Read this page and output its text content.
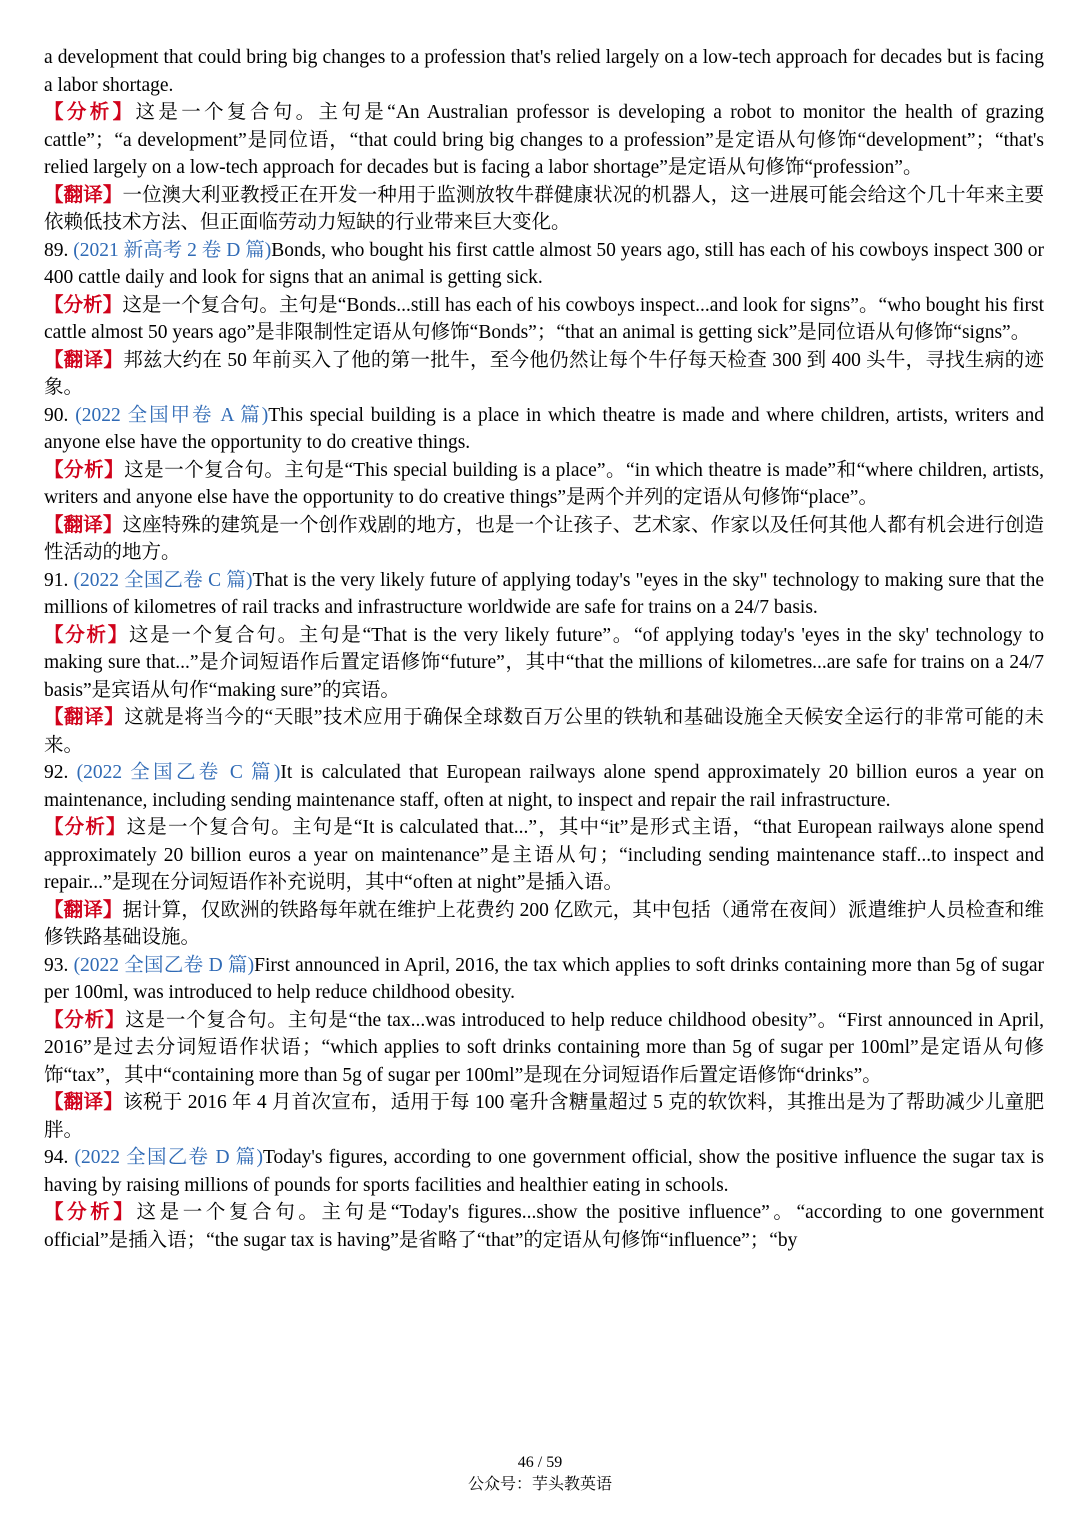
a development that could bring big changes to a profession that's relied largely on a low-tech approach for decades but is facing a labor shortage.

【分析】这是一个复合句。主句是“An Australian professor is developing a robot to monitor the health of grazing cattle”；“a development”是同位语，“that could bring big changes to a profession”是定语从句修饰“development”；“that's relied largely on a low-tech approach for decades but is facing a labor shortage”是定语从句修饰“profession”。

【翻译】一位澳大利亚教授正在开发一种用于监测放牧牛群健康状况的机器人，这一进展可能会给这个几十年来主要依赖低技术方法、但正面临劳动力短缺的行业带来巨大变化。

89. (2021 新高考 2 卷 D 篇)Bonds, who bought his first cattle almost 50 years ago, still has each of his cowboys inspect 300 or 400 cattle daily and look for signs that an animal is getting sick.

【分析】这是一个复合句。主句是“Bonds...still has each of his cowboys inspect...and look for signs”。“who bought his first cattle almost 50 years ago”是非限制性定语从句修饰“Bonds”；“that an animal is getting sick”是同位语从句修饰“signs”。

【翻译】邦兹大约在 50 年前买入了他的第一批牛，至今他仍然让每个牛仔每天检查 300 到 400 头牛，寻找生病的迹象。

90. (2022 全国甲卷 A 篇)This special building is a place in which theatre is made and where children, artists, writers and anyone else have the opportunity to do creative things.

【分析】这是一个复合句。主句是“This special building is a place”。“in which theatre is made”和“where children, artists, writers and anyone else have the opportunity to do creative things”是两个并列的定语从句修饰“place”。

【翻译】这座特殊的建筑是一个创作戏剧的地方，也是一个让孩子、艺术家、作家以及任何其他人都有机会进行创造性活动的地方。

91. (2022 全国乙卷 C 篇)That is the very likely future of applying today's "eyes in the sky" technology to making sure that the millions of kilometres of rail tracks and infrastructure worldwide are safe for trains on a 24/7 basis.

【分析】这是一个复合句。主句是“That is the very likely future”。“of applying today's 'eyes in the sky' technology to making sure that...”是介词短语作后置定语修饰“future”，其中“that the millions of kilometres...are safe for trains on a 24/7 basis”是宾语从句作“making sure”的宾语。

【翻译】这就是将当今的“天眼”技术应用于确保全球数百万公里的铁轨和基础设施全天候安全运行的非常可能的未来。

92. (2022 全国乙卷 C 篇)It is calculated that European railways alone spend approximately 20 billion euros a year on maintenance, including sending maintenance staff, often at night, to inspect and repair the rail infrastructure.

【分析】这是一个复合句。主句是“It is calculated that...”，其中“it”是形式主语，“that European railways alone spend approximately 20 billion euros a year on maintenance”是主语从句；“including sending maintenance staff...to inspect and repair...”是现在分词短语作补充说明，其中“often at night”是插入语。

【翻译】据计算，仅欧洲的铁路每年就在维护上花费约 200 亿欧元，其中包括（通常在夜间）派遣维护人员检查和维修铁路基础设施。

93. (2022 全国乙卷 D 篇)First announced in April, 2016, the tax which applies to soft drinks containing more than 5g of sugar per 100ml, was introduced to help reduce childhood obesity.

【分析】这是一个复合句。主句是“the tax...was introduced to help reduce childhood obesity”。“First announced in April, 2016”是过去分词短语作状语；“which applies to soft drinks containing more than 5g of sugar per 100ml”是定语从句修饰“tax”，其中“containing more than 5g of sugar per 100ml”是现在分词短语作后置定语修饰“drinks”。

【翻译】该税于 2016 年 4 月首次宣布，适用于每 100 毫升含糖量超过 5 克的软饮料，其推出是为了帮助减少儿童肥胖。

94. (2022 全国乙卷 D 篇)Today's figures, according to one government official, show the positive influence the sugar tax is having by raising millions of pounds for sports facilities and healthier eating in schools.

【分析】这是一个复合句。主句是“Today's figures...show the positive influence”。“according to one government official”是插入语；“the sugar tax is having”是省略了“that”的定语从句修饰“influence”；“by

46 / 59
公众号：芋头教英语
